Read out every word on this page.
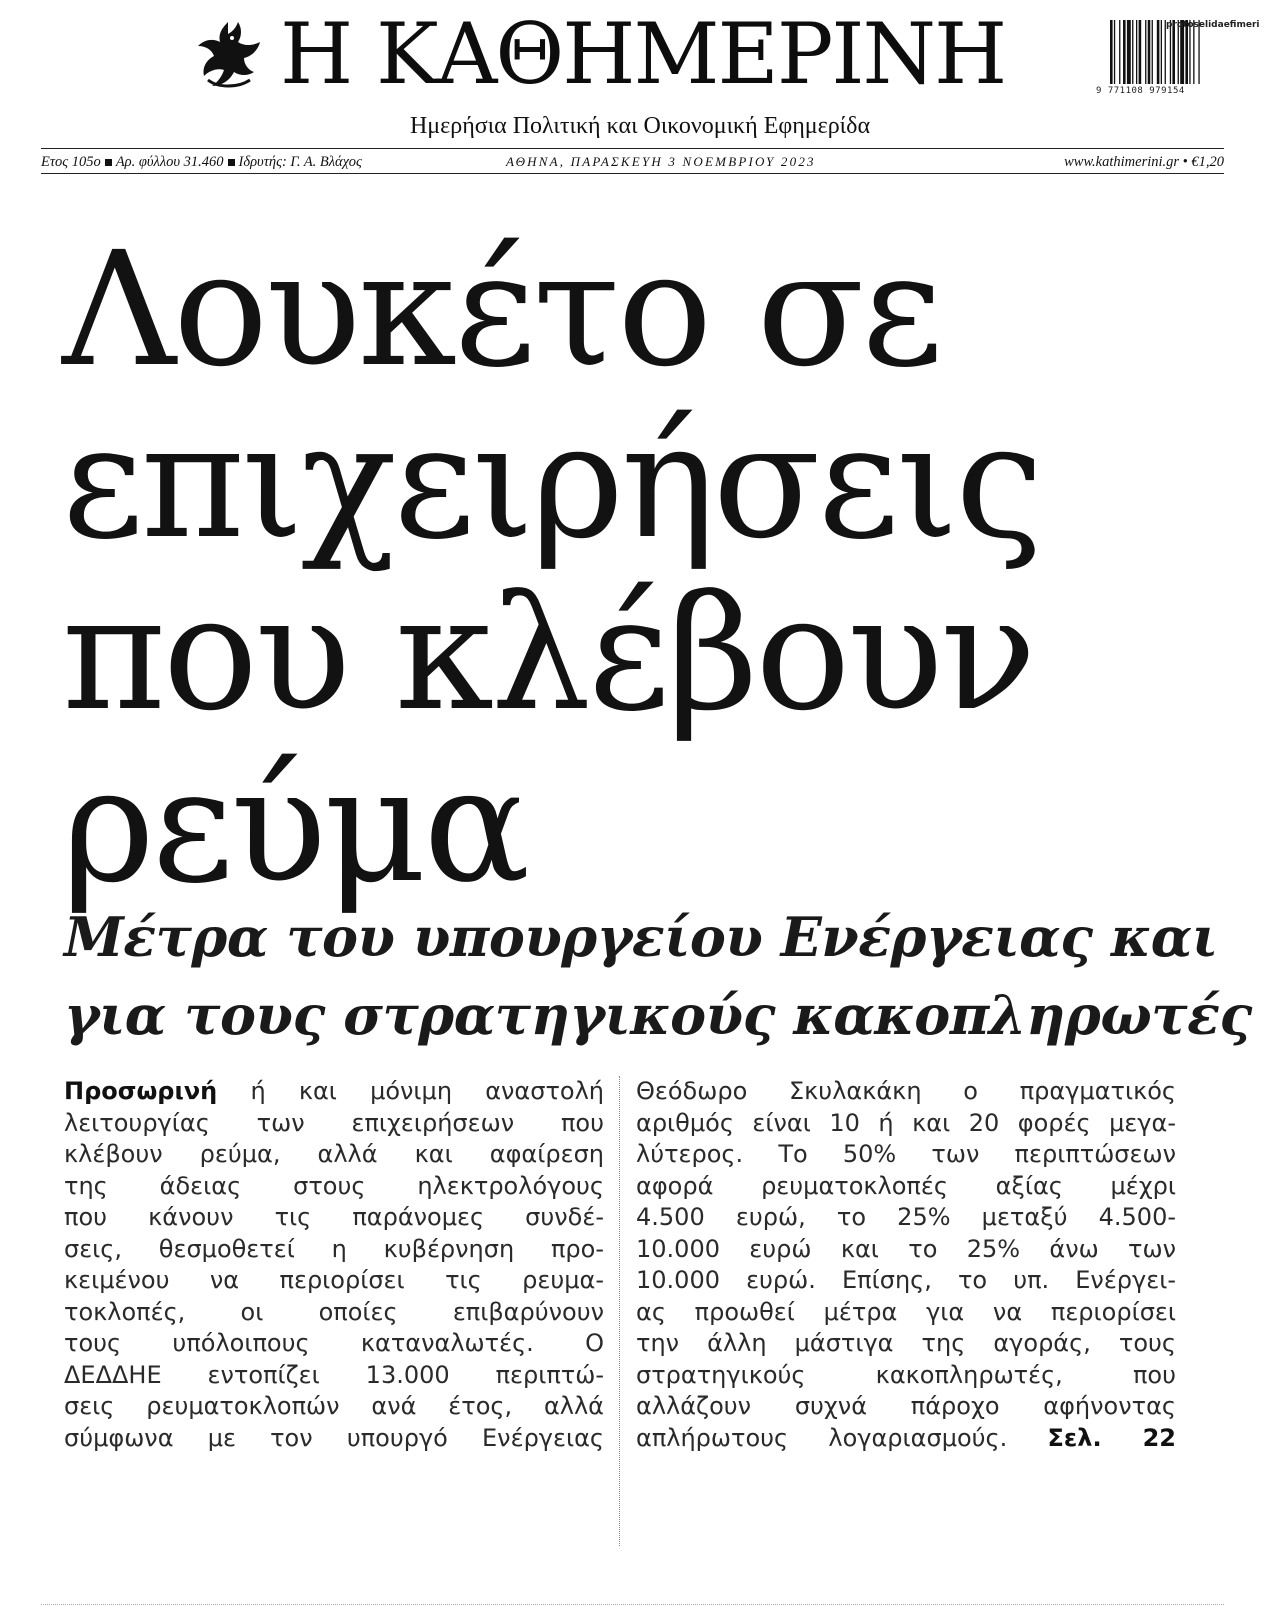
Η ΚΑΘΗΜΕΡΙΝΗ
Ημερήσια Πολιτική και Οικονομική Εφημερίδα
protoselidaefimeri
9 771108 979154
Ετος 105ο Αρ. φύλλου 31.460 Ιδρυτής: Γ. Α. Βλάχος	ΑΘΗΝΑ, ΠΑΡΑΣΚΕΥΗ 3 ΝΟΕΜΒΡΙΟΥ 2023	www.kathimerini.gr • €1,20
Λουκέτο σε
επιχειρήσεις
που κλέβουν
ρεύμα
Μέτρα του υπουργείου Ενέργειας και
για τους στρατηγικούς κακοπληρωτές
Προσωρινή ή και μόνιμη αναστολή
λειτουργίας των επιχειρήσεων που
κλέβουν ρεύμα, αλλά και αφαίρεση
της άδειας στους ηλεκτρολόγους
που κάνουν τις παράνομες συνδέ-
σεις, θεσμοθετεί η κυβέρνηση προ-
κειμένου να περιορίσει τις ρευμα-
τοκλοπές, οι οποίες επιβαρύνουν
τους υπόλοιπους καταναλωτές. Ο
ΔΕΔΔΗΕ εντοπίζει 13.000 περιπτώ-
σεις ρευματοκλοπών ανά έτος, αλλά
σύμφωνα με τον υπουργό Ενέργειας
Θεόδωρο Σκυλακάκη ο πραγματικός
αριθμός είναι 10 ή και 20 φορές μεγα-
λύτερος. Το 50% των περιπτώσεων
αφορά ρευματοκλοπές αξίας μέχρι
4.500 ευρώ, το 25% μεταξύ 4.500-
10.000 ευρώ και το 25% άνω των
10.000 ευρώ. Επίσης, το υπ. Ενέργει-
ας προωθεί μέτρα για να περιορίσει
την άλλη μάστιγα της αγοράς, τους
στρατηγικούς κακοπληρωτές, που
αλλάζουν συχνά πάροχο αφήνοντας
απλήρωτους λογαριασμούς. Σελ. 22
